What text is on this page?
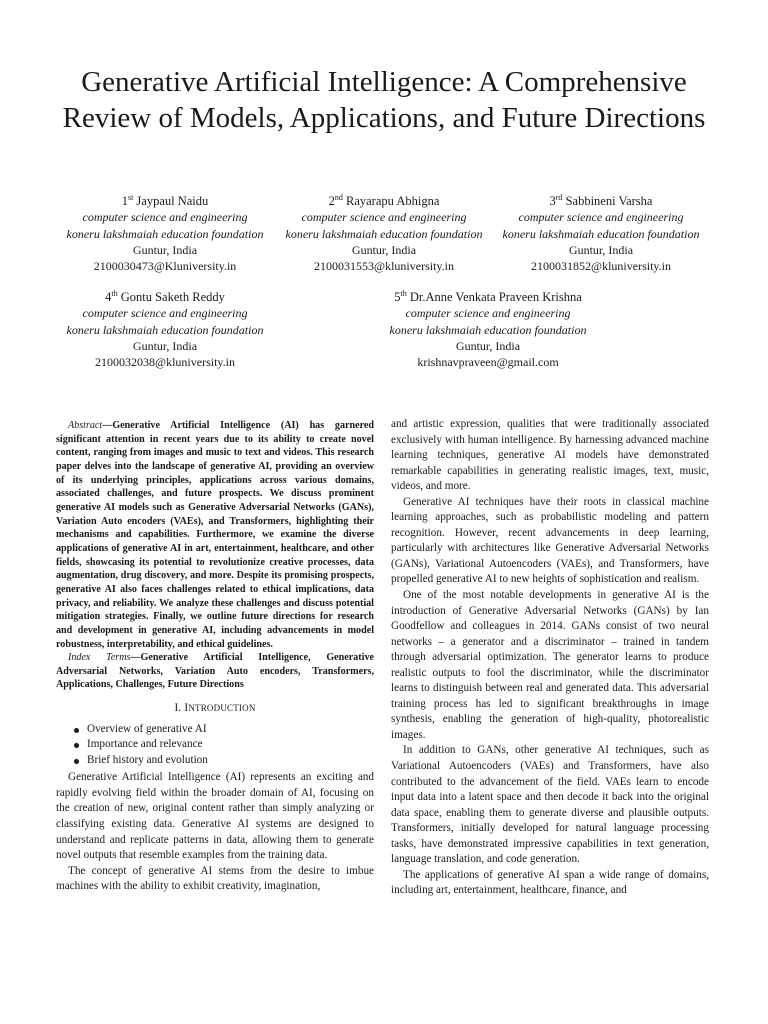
Generative Artificial Intelligence: A Comprehensive Review of Models, Applications, and Future Directions
1st Jaypaul Naidu
computer science and engineering
koneru lakshmaiah education foundation
Guntur, India
2100030473@Kluniversity.in
2nd Rayarapu Abhigna
computer science and engineering
koneru lakshmaiah education foundation
Guntur, India
2100031553@kluniversity.in
3rd Sabbineni Varsha
computer science and engineering
koneru lakshmaiah education foundation
Guntur, India
2100031852@kluniversity.in
4th Gontu Saketh Reddy
computer science and engineering
koneru lakshmaiah education foundation
Guntur, India
2100032038@kluniversity.in
5th Dr.Anne Venkata Praveen Krishna
computer science and engineering
koneru lakshmaiah education foundation
Guntur, India
krishnavpraveen@gmail.com

Abstract—Generative Artificial Intelligence (AI) has garnered significant attention in recent years due to its ability to create novel content, ranging from images and music to text and videos. This research paper delves into the landscape of generative AI, providing an overview of its underlying principles, applications across various domains, associated challenges, and future prospects. We discuss prominent generative AI models such as Generative Adversarial Networks (GANs), Variation Auto encoders (VAEs), and Transformers, highlighting their mechanisms and capabilities. Furthermore, we examine the diverse applications of generative AI in art, entertainment, healthcare, and other fields, showcasing its potential to revolutionize creative processes, data augmentation, drug discovery, and more. Despite its promising prospects, generative AI also faces challenges related to ethical implications, data privacy, and reliability. We analyze these challenges and discuss potential mitigation strategies. Finally, we outline future directions for research and development in generative AI, including advancements in model robustness, interpretability, and ethical guidelines.

Index Terms—Generative Artificial Intelligence, Generative Adversarial Networks, Variation Auto encoders, Transformers, Applications, Challenges, Future Directions

I. INTRODUCTION
Overview of generative AI
Importance and relevance
Brief history and evolution

Generative Artificial Intelligence (AI) represents an exciting and rapidly evolving field within the broader domain of AI, focusing on the creation of new, original content rather than simply analyzing or classifying existing data. Generative AI systems are designed to understand and replicate patterns in data, allowing them to generate novel outputs that resemble examples from the training data.

The concept of generative AI stems from the desire to imbue machines with the ability to exhibit creativity, imagination,

and artistic expression, qualities that were traditionally associated exclusively with human intelligence. By harnessing advanced machine learning techniques, generative AI models have demonstrated remarkable capabilities in generating realistic images, text, music, videos, and more.

Generative AI techniques have their roots in classical machine learning approaches, such as probabilistic modeling and pattern recognition. However, recent advancements in deep learning, particularly with architectures like Generative Adversarial Networks (GANs), Variational Autoencoders (VAEs), and Transformers, have propelled generative AI to new heights of sophistication and realism.

One of the most notable developments in generative AI is the introduction of Generative Adversarial Networks (GANs) by Ian Goodfellow and colleagues in 2014. GANs consist of two neural networks – a generator and a discriminator – trained in tandem through adversarial optimization. The generator learns to produce realistic outputs to fool the discriminator, while the discriminator learns to distinguish between real and generated data. This adversarial training process has led to significant breakthroughs in image synthesis, enabling the generation of high-quality, photorealistic images.

In addition to GANs, other generative AI techniques, such as Variational Autoencoders (VAEs) and Transformers, have also contributed to the advancement of the field. VAEs learn to encode input data into a latent space and then decode it back into the original data space, enabling them to generate diverse and plausible outputs. Transformers, initially developed for natural language processing tasks, have demonstrated impressive capabilities in text generation, language translation, and code generation.

The applications of generative AI span a wide range of domains, including art, entertainment, healthcare, finance, and
